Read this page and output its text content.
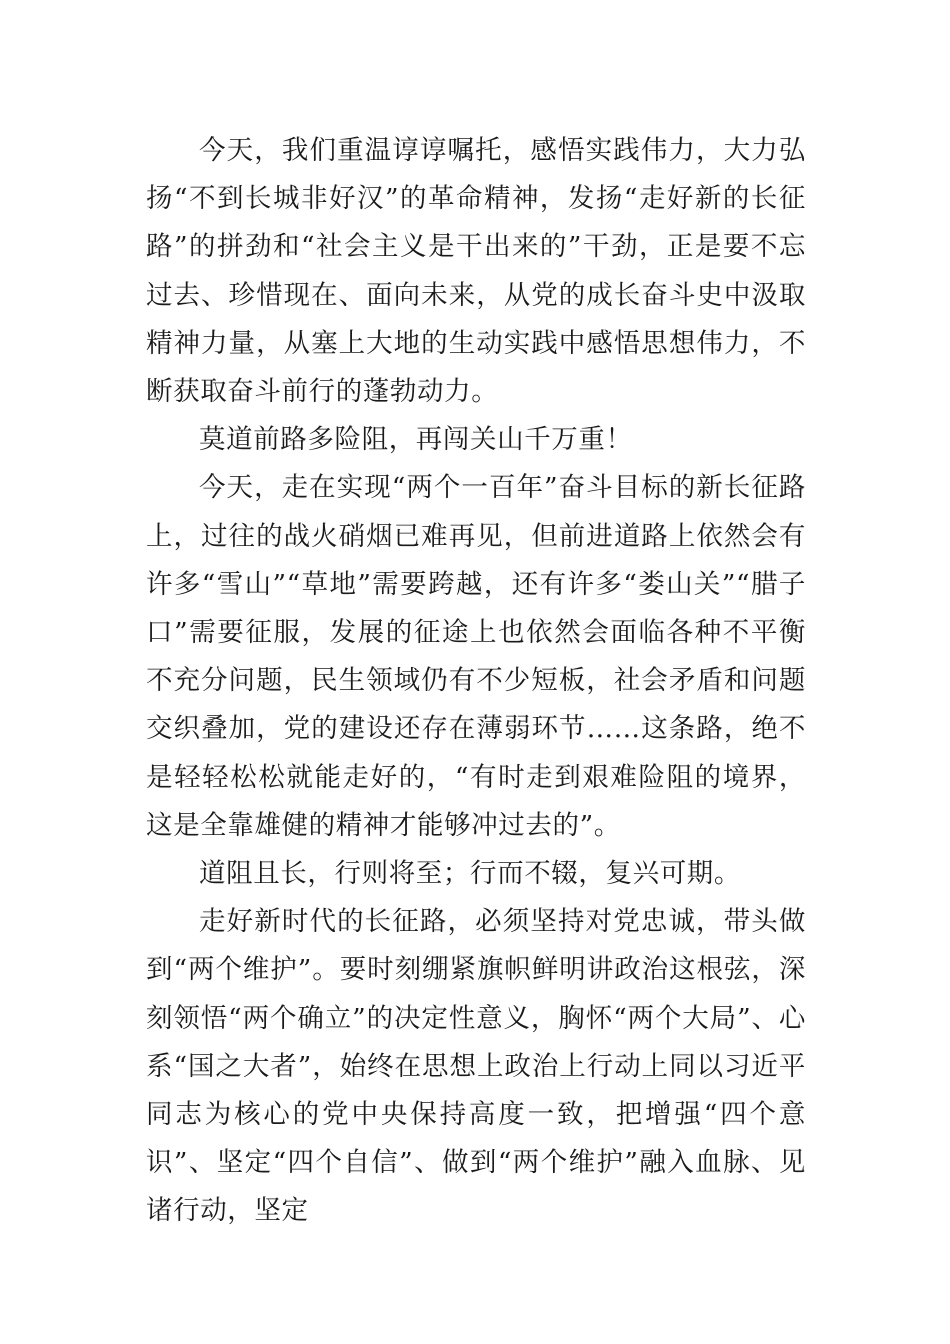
今天，我们重温谆谆嘱托，感悟实践伟力，大力弘扬“不到长城非好汉”的革命精神，发扬“走好新的长征路”的拼劲和“社会主义是干出来的”干劲，正是要不忘过去、珍惜现在、面向未来，从党的成长奋斗史中汲取精神力量，从塞上大地的生动实践中感悟思想伟力，不断获取奋斗前行的蓬勃动力。

莫道前路多险阻，再闯关山千万重！

今天，走在实现“两个一百年”奋斗目标的新长征路上，过往的战火硝烟已难再见，但前进道路上依然会有许多“雪山”“草地”需要跨越，还有许多“娄山关”“腊子口”需要征服，发展的征途上也依然会面临各种不平衡不充分问题，民生领域仍有不少短板，社会矛盾和问题交织叠加，党的建设还存在薄弱环节……这条路，绝不是轻轻松松就能走好的，“有时走到艰难险阻的境界，这是全靠雄健的精神才能够冲过去的”。

道阻且长，行则将至；行而不辍，复兴可期。

走好新时代的长征路，必须坚持对党忠诚，带头做到“两个维护”。要时刻绷紧旗帜鲜明讲政治这根弦，深刻领悟“两个确立”的决定性意义，胸怀“两个大局”、心系“国之大者”，始终在思想上政治上行动上同以习近平同志为核心的党中央保持高度一致，把增强“四个意识”、坚定“四个自信”、做到“两个维护”融入血脉、见诸行动，坚定
